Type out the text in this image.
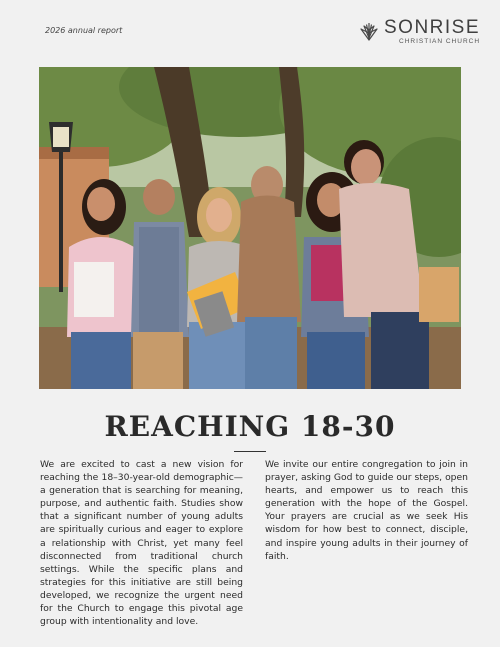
2026 annual report	SONRISE
CHRISTIAN CHURCH
REACHING 18-30

We are excited to cast a new vision for reaching the 18–30-year-old demographic—a generation that is searching for meaning, purpose, and authentic faith. Studies show that a significant number of young adults are spiritually curious and eager to explore a relationship with Christ, yet many feel disconnected from traditional church settings. While the specific plans and strategies for this initiative are still being developed, we recognize the urgent need for the Church to engage this pivotal age group with intentionality and love.

We invite our entire congregation to join in prayer, asking God to guide our steps, open hearts, and empower us to reach this generation with the hope of the Gospel. Your prayers are crucial as we seek His wisdom for how best to connect, disciple, and inspire young adults in their journey of faith.
